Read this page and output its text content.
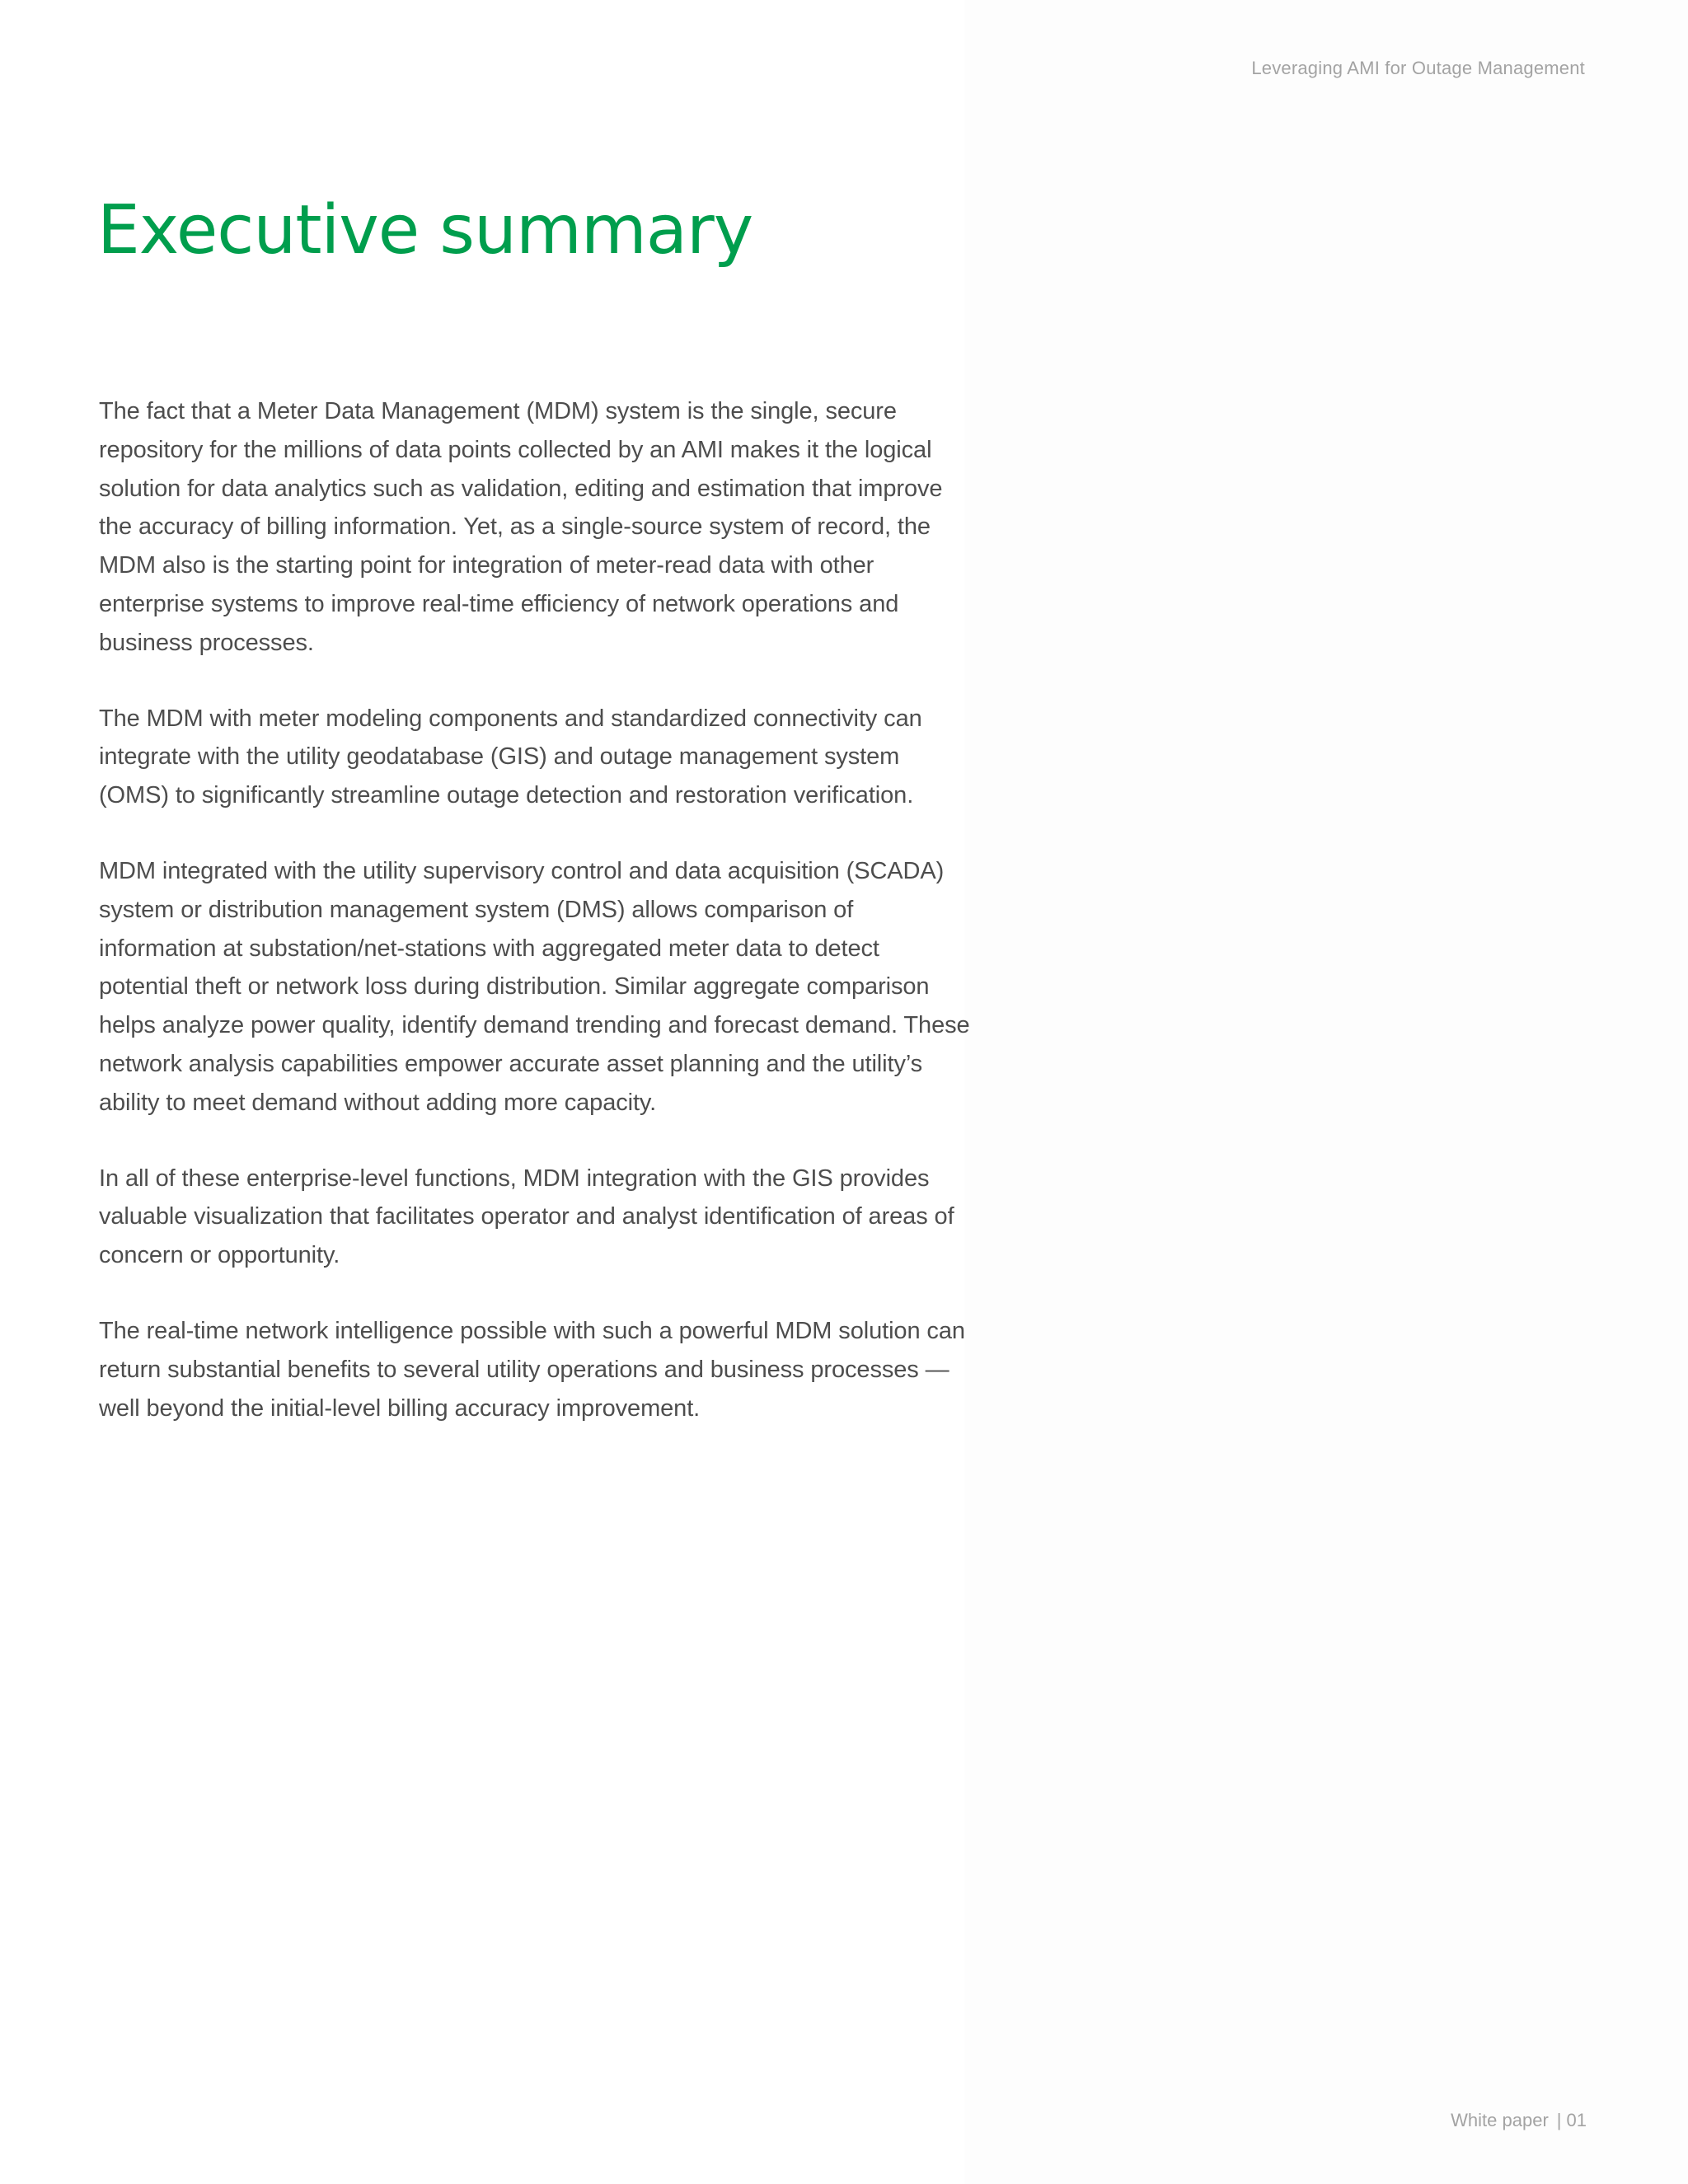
Leveraging AMI for Outage Management
Executive summary

The fact that a Meter Data Management (MDM) system is the single, secure repository for the millions of data points collected by an AMI makes it the logical solution for data analytics such as validation, editing and estimation that improve the accuracy of billing information. Yet, as a single-source system of record, the MDM also is the starting point for integration of meter-read data with other enterprise systems to improve real-time efficiency of network operations and business processes.

The MDM with meter modeling components and standardized connectivity can integrate with the utility geodatabase (GIS) and outage management system (OMS) to significantly streamline outage detection and restoration verification.

MDM integrated with the utility supervisory control and data acquisition (SCADA) system or distribution management system (DMS) allows comparison of information at substation/net-stations with aggregated meter data to detect potential theft or network loss during distribution. Similar aggregate comparison helps analyze power quality, identify demand trending and forecast demand. These network analysis capabilities empower accurate asset planning and the utility’s ability to meet demand without adding more capacity.

In all of these enterprise-level functions, MDM integration with the GIS provides valuable visualization that facilitates operator and analyst identification of areas of concern or opportunity.

The real-time network intelligence possible with such a powerful MDM solution can return substantial benefits to several utility operations and business processes — well beyond the initial-level billing accuracy improvement.

White paper | 01
